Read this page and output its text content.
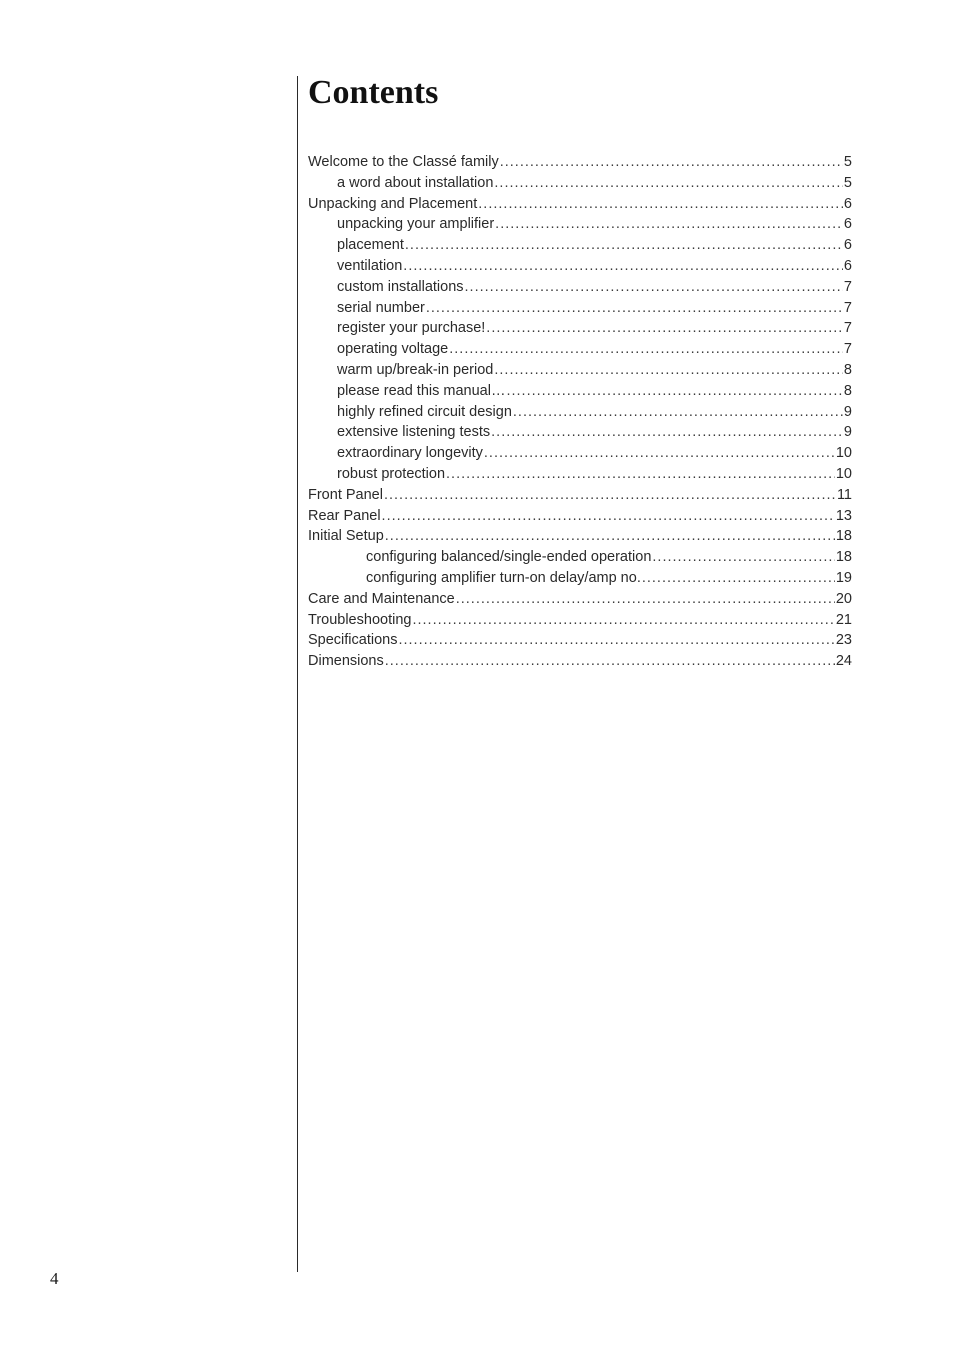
Contents
Welcome to the Classé family .....	5
a word about installation .....	5
Unpacking and Placement .....	6
unpacking your amplifier .....	6
placement .....	6
ventilation .....	6
custom installations .....	7
serial number .....	7
register your purchase! .....	7
operating voltage .....	7
warm up/break-in period .....	8
please read this manual… .....	8
highly refined circuit design .....	9
extensive listening tests .....	9
extraordinary longevity .....	10
robust protection .....	10
Front Panel .....	11
Rear Panel .....	13
Initial Setup .....	18
configuring balanced/single-ended operation .....	18
configuring amplifier turn-on delay/amp no. .....	19
Care and Maintenance .....	20
Troubleshooting .....	21
Specifications .....	23
Dimensions .....	24
4
